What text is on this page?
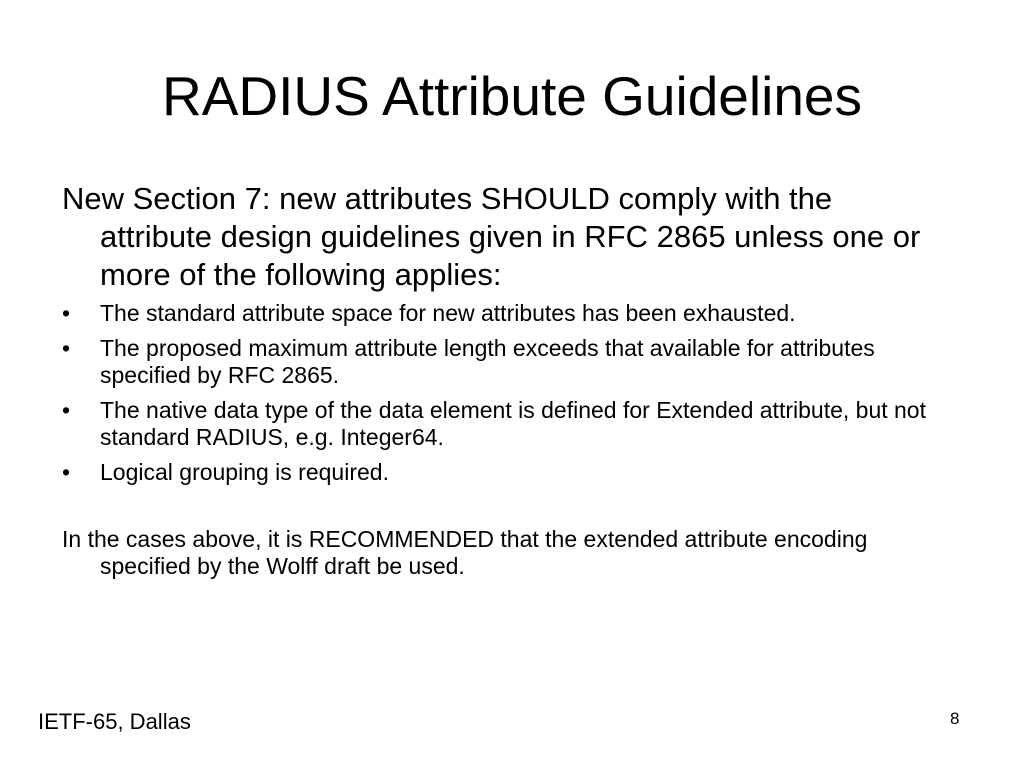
RADIUS Attribute Guidelines

New Section 7: new attributes SHOULD comply with the attribute design guidelines given in RFC 2865 unless one or more of the following applies:

• The standard attribute space for new attributes has been exhausted.
• The proposed maximum attribute length exceeds that available for attributes specified by RFC 2865.
• The native data type of the data element is defined for Extended attribute, but not standard RADIUS, e.g. Integer64.
• Logical grouping is required.

In the cases above, it is RECOMMENDED that the extended attribute encoding specified by the Wolff draft be used.

IETF-65, Dallas	8
